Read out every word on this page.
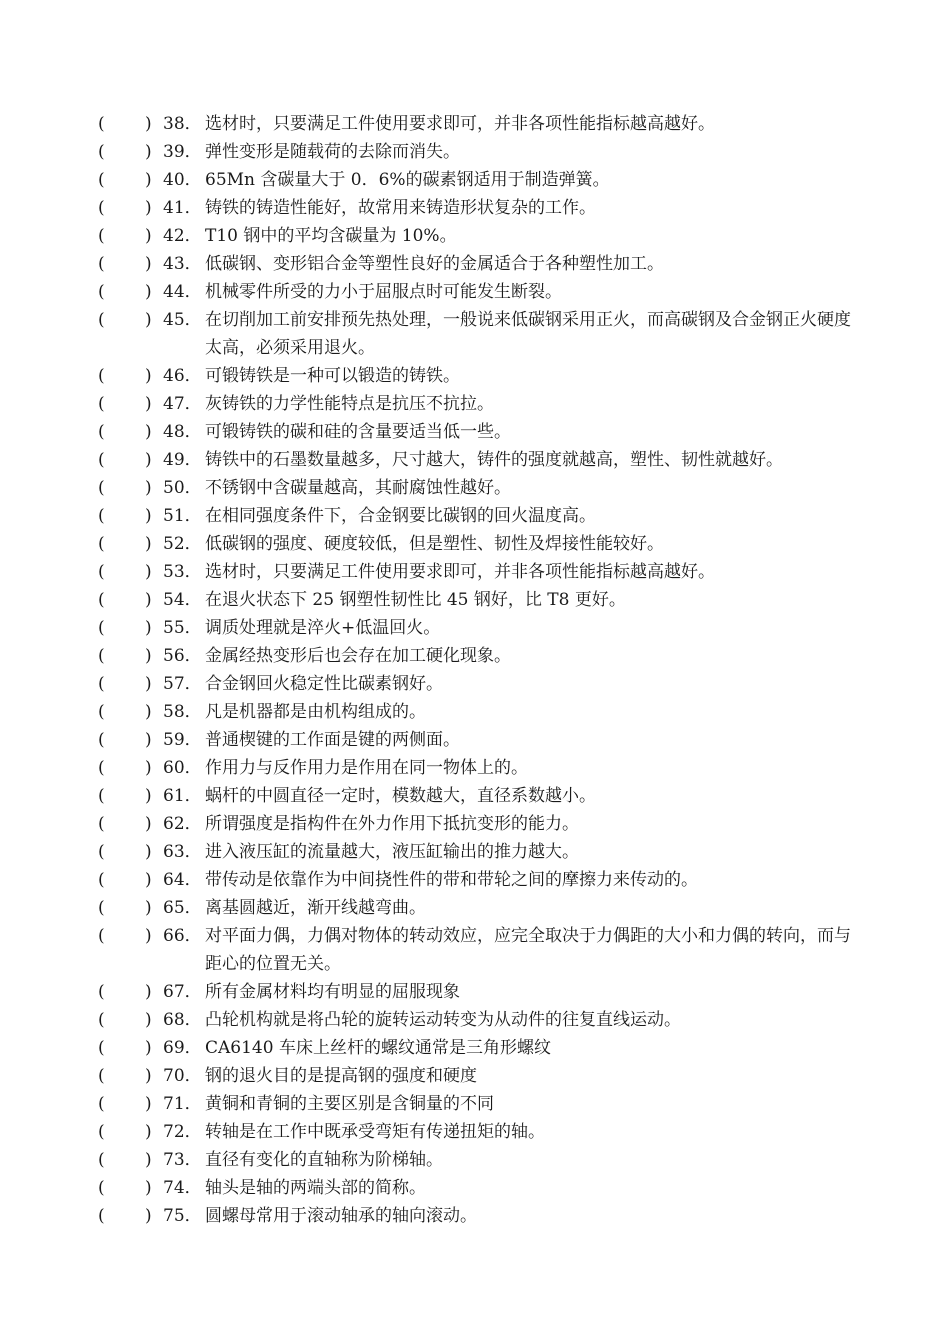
( ) 38． 选材时，只要满足工件使用要求即可，并非各项性能指标越高越好。
( ) 39． 弹性变形是随载荷的去除而消失。
( ) 40． 65Mn 含碳量大于 0．6%的碳素钢适用于制造弹簧。
( ) 41． 铸铁的铸造性能好，故常用来铸造形状复杂的工作。
( ) 42． T10 钢中的平均含碳量为 10%。
( ) 43． 低碳钢、变形铝合金等塑性良好的金属适合于各种塑性加工。
( ) 44． 机械零件所受的力小于屈服点时可能发生断裂。
( ) 45． 在切削加工前安排预先热处理，一般说来低碳钢采用正火，而高碳钢及合金钢正火硬度太高，必须采用退火。
( ) 46． 可锻铸铁是一种可以锻造的铸铁。
( ) 47． 灰铸铁的力学性能特点是抗压不抗拉。
( ) 48． 可锻铸铁的碳和硅的含量要适当低一些。
( ) 49． 铸铁中的石墨数量越多，尺寸越大，铸件的强度就越高，塑性、韧性就越好。
( ) 50． 不锈钢中含碳量越高，其耐腐蚀性越好。
( ) 51． 在相同强度条件下，合金钢要比碳钢的回火温度高。
( ) 52． 低碳钢的强度、硬度较低，但是塑性、韧性及焊接性能较好。
( ) 53． 选材时，只要满足工件使用要求即可，并非各项性能指标越高越好。
( ) 54． 在退火状态下 25 钢塑性韧性比 45 钢好，比 T8 更好。
( ) 55． 调质处理就是淬火+低温回火。
( ) 56． 金属经热变形后也会存在加工硬化现象。
( ) 57． 合金钢回火稳定性比碳素钢好。
( ) 58． 凡是机器都是由机构组成的。
( ) 59． 普通楔键的工作面是键的两侧面。
( ) 60． 作用力与反作用力是作用在同一物体上的。
( ) 61． 蜗杆的中圆直径一定时，模数越大，直径系数越小。
( ) 62． 所谓强度是指构件在外力作用下抵抗变形的能力。
( ) 63． 进入液压缸的流量越大，液压缸输出的推力越大。
( ) 64． 带传动是依靠作为中间挠性件的带和带轮之间的摩擦力来传动的。
( ) 65． 离基圆越近，渐开线越弯曲。
( ) 66． 对平面力偶，力偶对物体的转动效应，应完全取决于力偶距的大小和力偶的转向，而与距心的位置无关。
( ) 67． 所有金属材料均有明显的屈服现象
( ) 68． 凸轮机构就是将凸轮的旋转运动转变为从动件的往复直线运动。
( ) 69． CA6140 车床上丝杆的螺纹通常是三角形螺纹
( ) 70． 钢的退火目的是提高钢的强度和硬度
( ) 71． 黄铜和青铜的主要区别是含铜量的不同
( ) 72． 转轴是在工作中既承受弯矩有传递扭矩的轴。
( ) 73． 直径有变化的直轴称为阶梯轴。
( ) 74． 轴头是轴的两端头部的简称。
( ) 75． 圆螺母常用于滚动轴承的轴向滚动。
